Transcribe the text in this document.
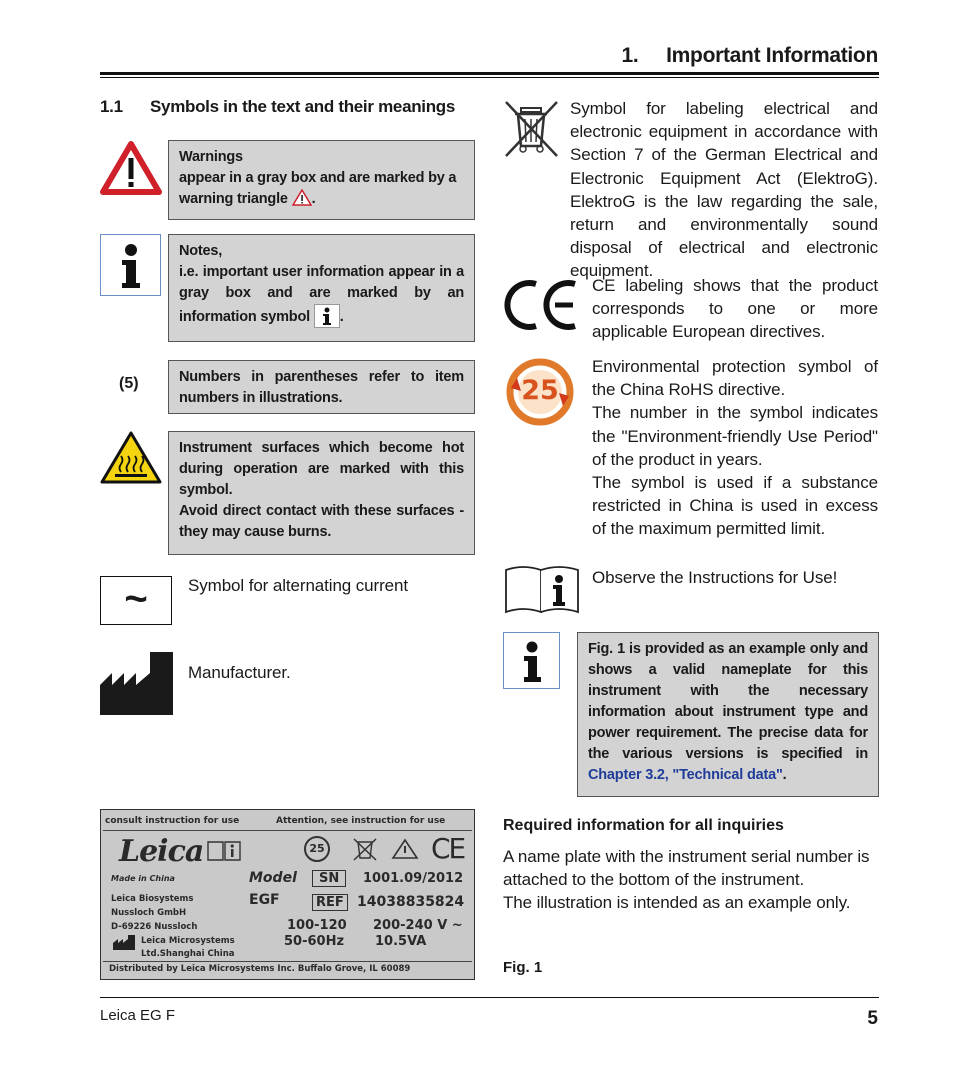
1.     Important Information
1.1 Symbols in the text and their meanings

Warnings

appear in a gray box and are marked by a warning triangle .

Notes,

i.e. important user information appear in a gray box and are marked by an information symbol .

(5)	Numbers in parentheses refer to item numbers in illustrations.

Instrument surfaces which become hot during operation are marked with this symbol.

Avoid direct contact with these surfaces - they may cause burns.

~	Symbol for alternating current
Manufacturer.
Symbol for labeling electrical and electronic equipment in accordance with Section 7 of the German Electrical and Electronic Equipment Act (ElektroG). ElektroG is the law regarding the sale, return and environmentally sound disposal of electrical and electronic equipment.
CE labeling shows that the product corresponds to one or more applicable European directives.
25

Environmental protection symbol of the China RoHS directive.

The number in the symbol indicates the "Environment-friendly Use Period" of the product in years.

The symbol is used if a substance restricted in China is used in excess of the maximum permitted limit.

Observe the Instructions for Use!

Fig. 1 is provided as an example only and shows a valid nameplate for this instrument with the necessary information about instrument type and power requirement. The precise data for the various versions is specified in Chapter 3.2, "Technical data".

consult instruction for use	Attention, see instruction for use
Leica	25	CE
Made in China	Model	SN	1001.09/2012
Leica Biosystems	EGF	REF 14038835824
Nussloch GmbH
D-69226 Nussloch	100-120 200-240 V ~
Leica Microsystems	50-60Hz 10.5VA
Ltd.Shanghai China
Distributed by Leica Microsystems Inc. Buffalo Grove, IL 60089
Required information for all inquiries

A name plate with the instrument serial number is attached to the bottom of the instrument.

The illustration is intended as an example only.

Fig. 1
Leica EG F	5
